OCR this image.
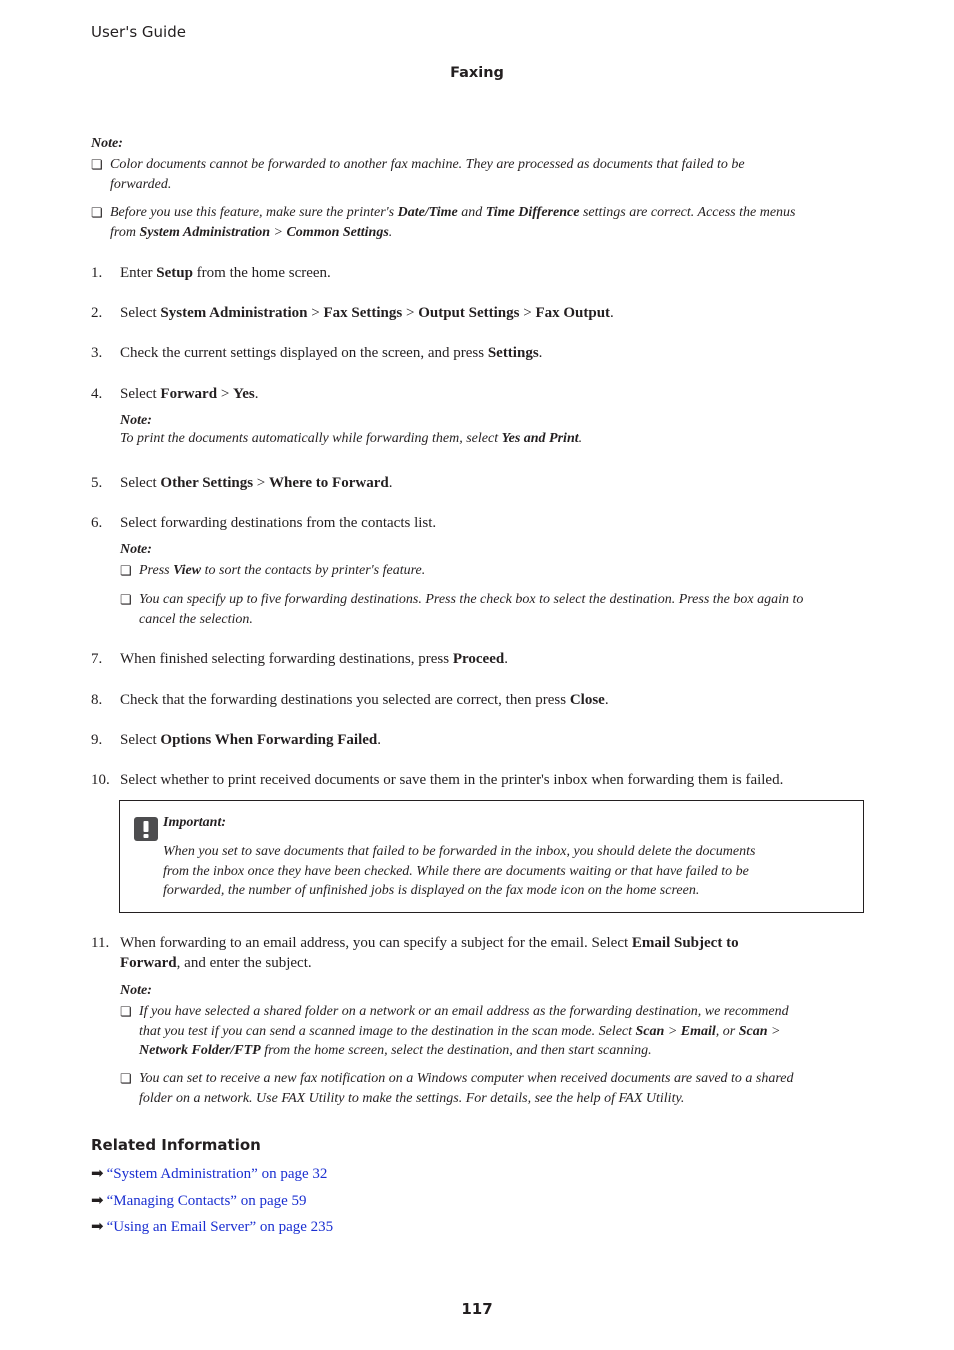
User's Guide
Faxing
Note:
❏ Color documents cannot be forwarded to another fax machine. They are processed as documents that failed to be
forwarded.
❏ Before you use this feature, make sure the printer's Date/Time and Time Difference settings are correct. Access the menus
from System Administration > Common Settings.
1. Enter Setup from the home screen.
2. Select System Administration > Fax Settings > Output Settings > Fax Output.
3. Check the current settings displayed on the screen, and press Settings.
4. Select Forward > Yes.
Note:
To print the documents automatically while forwarding them, select Yes and Print.
5. Select Other Settings > Where to Forward.
6. Select forwarding destinations from the contacts list.
Note:
❏ Press View to sort the contacts by printer's feature.
❏ You can specify up to five forwarding destinations. Press the check box to select the destination. Press the box again to
cancel the selection.
7. When finished selecting forwarding destinations, press Proceed.
8. Check that the forwarding destinations you selected are correct, then press Close.
9. Select Options When Forwarding Failed.
10. Select whether to print received documents or save them in the printer's inbox when forwarding them is failed.
Important:
When you set to save documents that failed to be forwarded in the inbox, you should delete the documents
from the inbox once they have been checked. While there are documents waiting or that have failed to be
forwarded, the number of unfinished jobs is displayed on the fax mode icon on the home screen.
11. When forwarding to an email address, you can specify a subject for the email. Select Email Subject to
Forward, and enter the subject.
Note:
❏ If you have selected a shared folder on a network or an email address as the forwarding destination, we recommend
that you test if you can send a scanned image to the destination in the scan mode. Select Scan > Email, or Scan >
Network Folder/FTP from the home screen, select the destination, and then start scanning.
❏ You can set to receive a new fax notification on a Windows computer when received documents are saved to a shared
folder on a network. Use FAX Utility to make the settings. For details, see the help of FAX Utility.
Related Information
➡ “System Administration” on page 32
➡ “Managing Contacts” on page 59
➡ “Using an Email Server” on page 235
117
